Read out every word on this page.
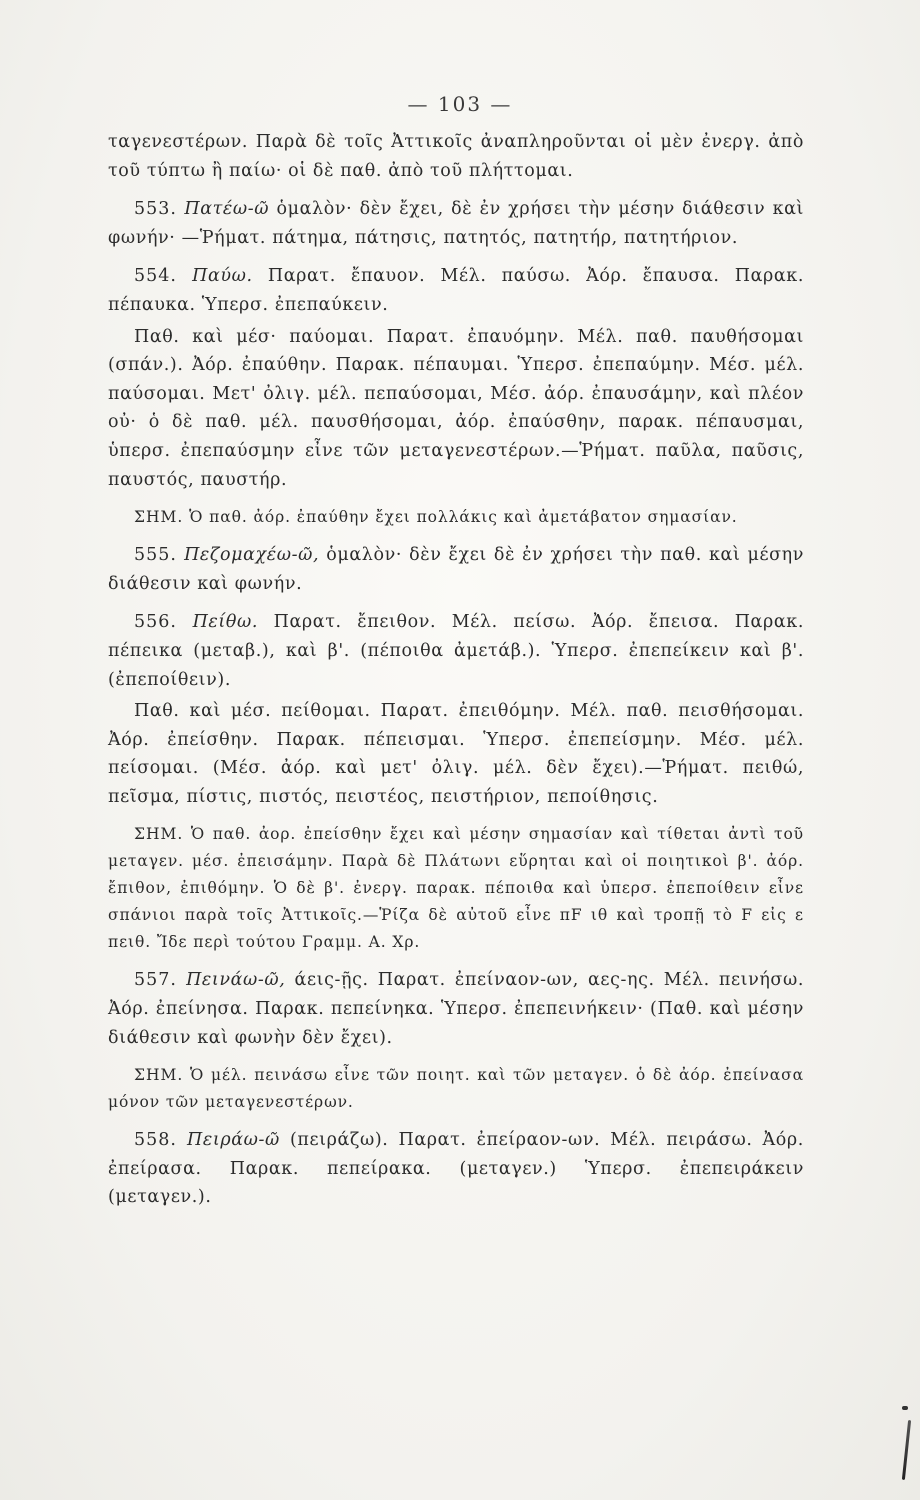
— 103 —

ταγενεστέρων. Παρὰ δὲ τοῖς Ἀττικοῖς ἀναπληροῦνται οἱ μὲν ἐνεργ. ἀπὸ τοῦ τύπτω ἢ παίω· οἱ δὲ παθ. ἀπὸ τοῦ πλήττομαι.

553. Πατέω-ῶ ὁμαλὸν· δὲν ἔχει, δὲ ἐν χρήσει τὴν μέσην διάθεσιν καὶ φωνήν· —Ῥήματ. πάτημα, πάτησις, πατητός, πατητήρ, πατητήριον.

554. Παύω. Παρατ. ἔπαυον. Μέλ. παύσω. Ἀόρ. ἔπαυσα. Παρακ. πέπαυκα. Ὑπερσ. ἐπεπαύκειν.

Παθ. καὶ μέσ· παύομαι. Παρατ. ἐπαυόμην. Μέλ. παθ. παυθήσομαι (σπάν.). Ἀόρ. ἐπαύθην. Παρακ. πέπαυμαι. Ὑπερσ. ἐπεπαύμην. Μέσ. μέλ. παύσομαι. Μετ' ὀλιγ. μέλ. πεπαύσομαι, Μέσ. ἀόρ. ἐπαυσάμην, καὶ πλέον οὐ· ὁ δὲ παθ. μέλ. παυσθήσομαι, ἀόρ. ἐπαύσθην, παρακ. πέπαυσμαι, ὑπερσ. ἐπεπαύσμην εἶνε τῶν μεταγενεστέρων.—Ῥήματ. παῦλα, παῦσις, παυστός, παυστήρ.

ΣΗΜ. Ὁ παθ. ἀόρ. ἐπαύθην ἔχει πολλάκις καὶ ἀμετάβατον σημασίαν.

555. Πεζομαχέω-ῶ, ὁμαλὸν· δὲν ἔχει δὲ ἐν χρήσει τὴν παθ. καὶ μέσην διάθεσιν καὶ φωνήν.

556. Πείθω. Παρατ. ἔπειθον. Μέλ. πείσω. Ἀόρ. ἔπεισα. Παρακ. πέπεικα (μεταβ.), καὶ β'. (πέποιθα ἀμετάβ.). Ὑπερσ. ἐπεπείκειν καὶ β'. (ἐπεποίθειν).

Παθ. καὶ μέσ. πείθομαι. Παρατ. ἐπειθόμην. Μέλ. παθ. πεισθήσομαι. Ἀόρ. ἐπείσθην. Παρακ. πέπεισμαι. Ὑπερσ. ἐπεπείσμην. Μέσ. μέλ. πείσομαι. (Μέσ. ἀόρ. καὶ μετ' ὀλιγ. μέλ. δὲν ἔχει).—Ῥήματ. πειθώ, πεῖσμα, πίστις, πιστός, πειστέος, πειστήριον, πεποίθησις.

ΣΗΜ. Ὁ παθ. ἀορ. ἐπείσθην ἔχει καὶ μέσην σημασίαν καὶ τίθεται ἀντὶ τοῦ μεταγεν. μέσ. ἐπεισάμην. Παρὰ δὲ Πλάτωνι εὕρηται καὶ οἱ ποιητικοὶ β'. ἀόρ. ἔπιθον, ἐπιθόμην. Ὁ δὲ β'. ἐνεργ. παρακ. πέποιθα καὶ ὑπερσ. ἐπεποίθειν εἶνε σπάνιοι παρὰ τοῖς Ἀττικοῖς.—Ῥίζα δὲ αὐτοῦ εἶνε πF ιθ καὶ τροπῇ τὸ F εἰς ε πειθ. Ἴδε περὶ τούτου Γραμμ. Α. Χρ.

557. Πεινάω-ῶ, άεις-ῇς. Παρατ. ἐπείναον-ων, αες-ης. Μέλ. πεινήσω. Ἀόρ. ἐπείνησα. Παρακ. πεπείνηκα. Ὑπερσ. ἐπεπεινήκειν· (Παθ. καὶ μέσην διάθεσιν καὶ φωνὴν δὲν ἔχει).

ΣΗΜ. Ὁ μέλ. πεινάσω εἶνε τῶν ποιητ. καὶ τῶν μεταγεν. ὁ δὲ ἀόρ. ἐπείνασα μόνον τῶν μεταγενεστέρων.

558. Πειράω-ῶ (πειράζω). Παρατ. ἐπείραον-ων. Μέλ. πειράσω. Ἀόρ. ἐπείρασα. Παρακ. πεπείρακα. (μεταγεν.) Ὑπερσ. ἐπεπειράκειν (μεταγεν.).
